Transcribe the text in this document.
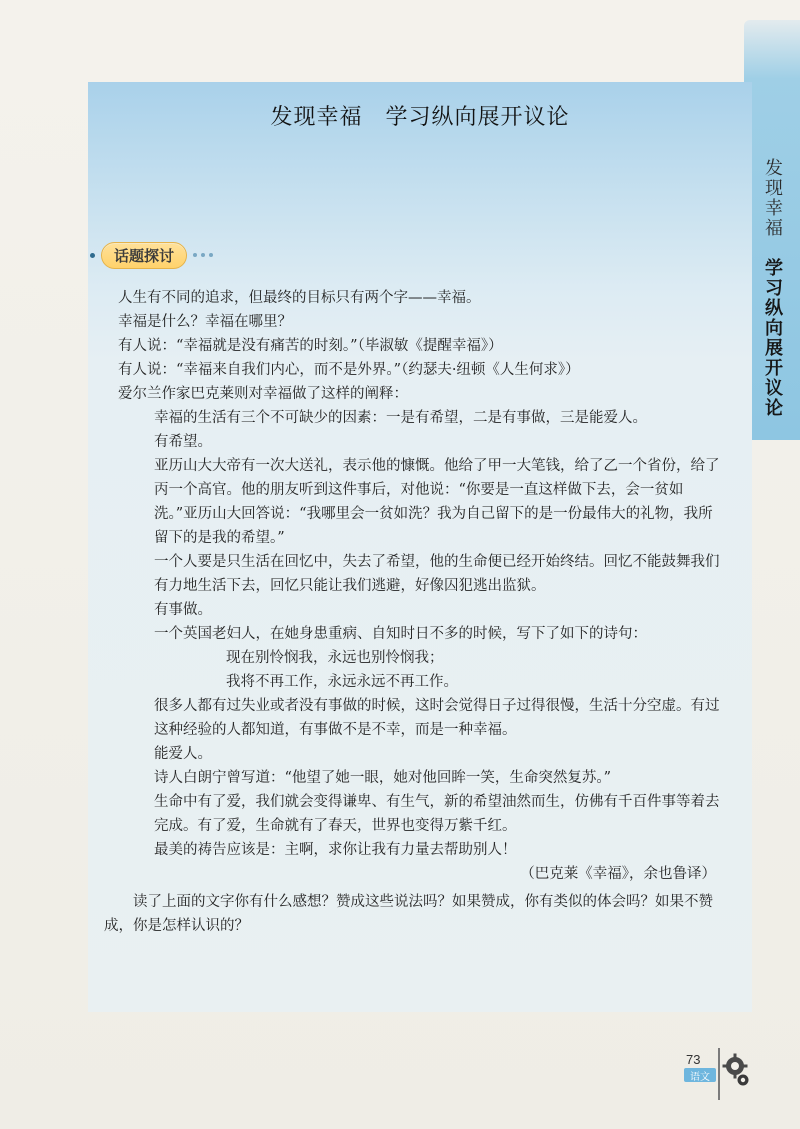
发现幸福
学习纵向展开议论
发现幸福　学习纵向展开议论
话题探讨

人生有不同的追求，但最终的目标只有两个字——幸福。

幸福是什么？幸福在哪里？

有人说：“幸福就是没有痛苦的时刻。”（毕淑敏《提醒幸福》）

有人说：“幸福来自我们内心，而不是外界。”（约瑟夫·纽顿《人生何求》）

爱尔兰作家巴克莱则对幸福做了这样的阐释：

幸福的生活有三个不可缺少的因素：一是有希望，二是有事做，三是能爱人。

有希望。

亚历山大大帝有一次大送礼，表示他的慷慨。他给了甲一大笔钱，给了乙一个省份，给了丙一个高官。他的朋友听到这件事后，对他说：“你要是一直这样做下去，会一贫如洗。”亚历山大回答说：“我哪里会一贫如洗？我为自己留下的是一份最伟大的礼物，我所留下的是我的希望。”

一个人要是只生活在回忆中，失去了希望，他的生命便已经开始终结。回忆不能鼓舞我们有力地生活下去，回忆只能让我们逃避，好像囚犯逃出监狱。

有事做。

一个英国老妇人，在她身患重病、自知时日不多的时候，写下了如下的诗句：

现在别怜悯我，永远也别怜悯我；

我将不再工作，永远永远不再工作。

很多人都有过失业或者没有事做的时候，这时会觉得日子过得很慢，生活十分空虚。有过这种经验的人都知道，有事做不是不幸，而是一种幸福。

能爱人。

诗人白朗宁曾写道：“他望了她一眼，她对他回眸一笑，生命突然复苏。”

生命中有了爱，我们就会变得谦卑、有生气，新的希望油然而生，仿佛有千百件事等着去完成。有了爱，生命就有了春天，世界也变得万紫千红。

最美的祷告应该是：主啊，求你让我有力量去帮助别人！

（巴克莱《幸福》，余也鲁译）

读了上面的文字你有什么感想？赞成这些说法吗？如果赞成，你有类似的体会吗？如果不赞成，你是怎样认识的？

73
语文
